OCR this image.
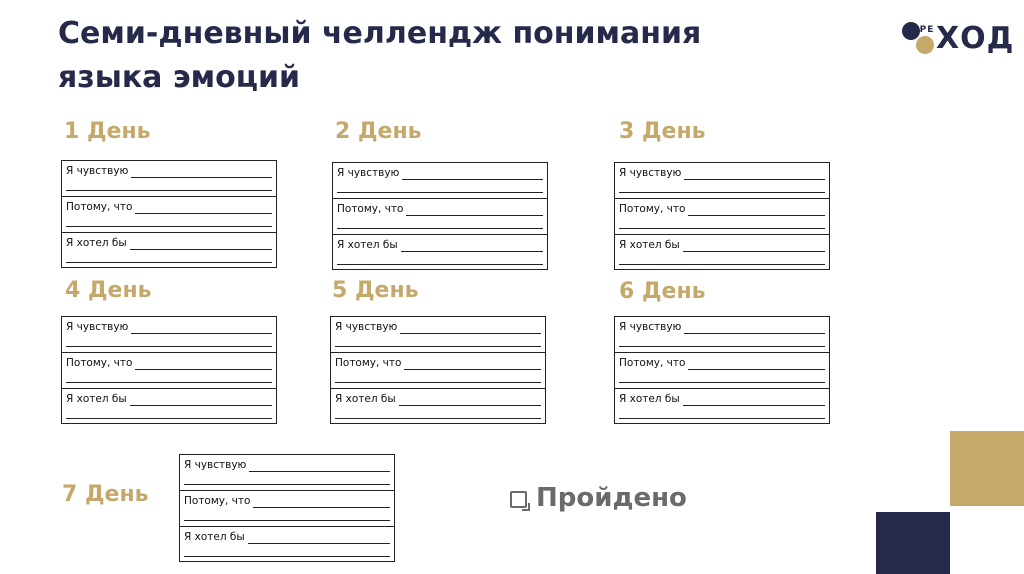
Семи-дневный челлендж понимания
языка эмоций
ПЕРЕ ХОД
1 День
Я чувствую
Потому, что
Я хотел бы
2 День
Я чувствую
Потому, что
Я хотел бы
3 День
Я чувствую
Потому, что
Я хотел бы
4 День
Я чувствую
Потому, что
Я хотел бы
5 День
Я чувствую
Потому, что
Я хотел бы
6 День
Я чувствую
Потому, что
Я хотел бы
7 День
Я чувствую
Потому, что
Я хотел бы
Пройдено
